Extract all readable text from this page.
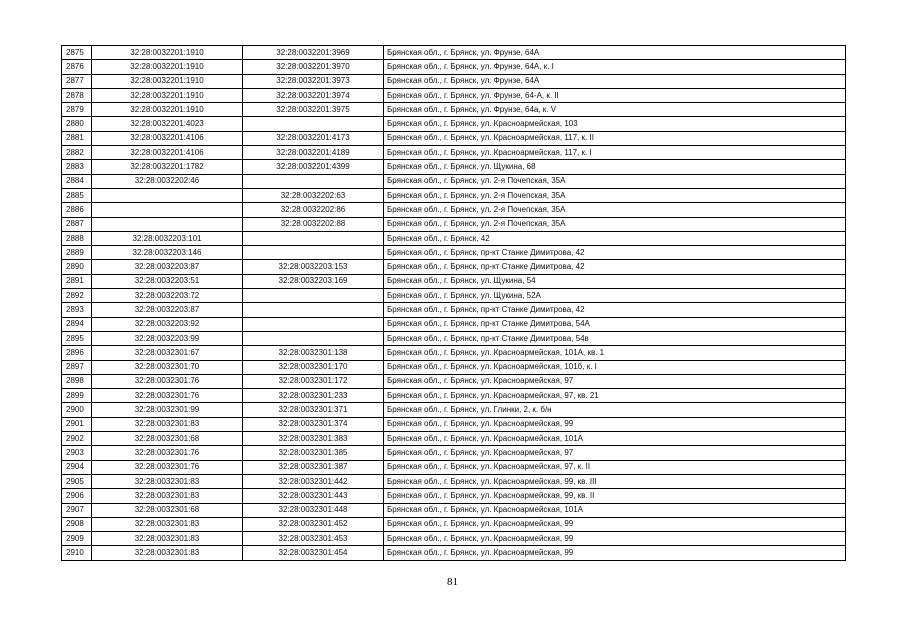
2875	32:28:0032201:1910	32:28:0032201:3969	Брянская обл., г. Брянск, ул. Фрунзе, 64А
2876	32:28:0032201:1910	32:28:0032201:3970	Брянская обл., г. Брянск, ул. Фрунзе, 64А, к. I
2877	32:28:0032201:1910	32:28:0032201:3973	Брянская обл., г. Брянск, ул. Фрунзе, 64А
2878	32:28:0032201:1910	32:28:0032201:3974	Брянская обл., г. Брянск, ул. Фрунзе, 64-А, к. II
2879	32:28:0032201:1910	32:28:0032201:3975	Брянская обл., г. Брянск, ул. Фрунзе, 64а, к. V
2880	32:28:0032201:4023		Брянская обл., г. Брянск, ул. Красноармейская, 103
2881	32:28:0032201:4106	32:28:0032201:4173	Брянская обл., г. Брянск, ул. Красноармейская, 117, к. II
2882	32:28:0032201:4106	32:28:0032201:4189	Брянская обл., г. Брянск, ул. Красноармейская, 117, к. I
2883	32:28:0032201:1782	32:28:0032201:4399	Брянская обл., г. Брянск, ул. Щукина, 68
2884	32:28:0032202:46		Брянская обл., г. Брянск, ул. 2-я Почепская, 35А
2885		32:28:0032202:63	Брянская обл., г. Брянск, ул. 2-я Почепская, 35А
2886		32:28:0032202:86	Брянская обл., г. Брянск, ул. 2-я Почепская, 35А
2887		32:28:0032202:88	Брянская обл., г. Брянск, ул. 2-я Почепская, 35А
2888	32:28:0032203:101		Брянская обл., г. Брянск, 42
2889	32:28:0032203:146		Брянская обл., г. Брянск, пр-кт Станке Димитрова, 42
2890	32:28:0032203:87	32:28:0032203:153	Брянская обл., г. Брянск, пр-кт Станке Димитрова, 42
2891	32:28:0032203:51	32:28:0032203:169	Брянская обл., г. Брянск, ул. Щукина, 54
2892	32:28:0032203:72		Брянская обл., г. Брянск, ул. Щукина, 52А
2893	32:28:0032203:87		Брянская обл., г. Брянск, пр-кт Станке Димитрова, 42
2894	32:28:0032203:92		Брянская обл., г. Брянск, пр-кт Станке Димитрова, 54А
2895	32:28:0032203:99		Брянская обл., г. Брянск, пр-кт Станке Димитрова, 54в
2896	32:28:0032301:67	32:28:0032301:138	Брянская обл., г. Брянск, ул. Красноармейская, 101А, кв. 1
2897	32:28:0032301:70	32:28:0032301:170	Брянская обл., г. Брянск, ул. Красноармейская, 101б, к. I
2898	32:28:0032301:76	32:28:0032301:172	Брянская обл., г. Брянск, ул. Красноармейская, 97
2899	32:28:0032301:76	32:28:0032301:233	Брянская обл., г. Брянск, ул. Красноармейская, 97, кв. 21
2900	32:28:0032301:99	32:28:0032301:371	Брянская обл., г. Брянск, ул. Глинки, 2, к. б/н
2901	32:28:0032301:83	32:28:0032301:374	Брянская обл., г. Брянск, ул. Красноармейская, 99
2902	32:28:0032301:68	32:28:0032301:383	Брянская обл., г. Брянск, ул. Красноармейская, 101А
2903	32:28:0032301:76	32:28:0032301:385	Брянская обл., г. Брянск, ул. Красноармейская, 97
2904	32:28:0032301:76	32:28:0032301:387	Брянская обл., г. Брянск, ул. Красноармейская, 97, к. II
2905	32:28:0032301:83	32:28:0032301:442	Брянская обл., г. Брянск, ул. Красноармейская, 99, кв. III
2906	32:28:0032301:83	32:28:0032301:443	Брянская обл., г. Брянск, ул. Красноармейская, 99, кв. II
2907	32:28:0032301:68	32:28:0032301:448	Брянская обл., г. Брянск, ул. Красноармейская, 101А
2908	32:28:0032301:83	32:28:0032301:452	Брянская обл., г. Брянск, ул. Красноармейская, 99
2909	32:28:0032301:83	32:28:0032301:453	Брянская обл., г. Брянск, ул. Красноармейская, 99
2910	32:28:0032301:83	32:28:0032301:454	Брянская обл., г. Брянск, ул. Красноармейская, 99
81
